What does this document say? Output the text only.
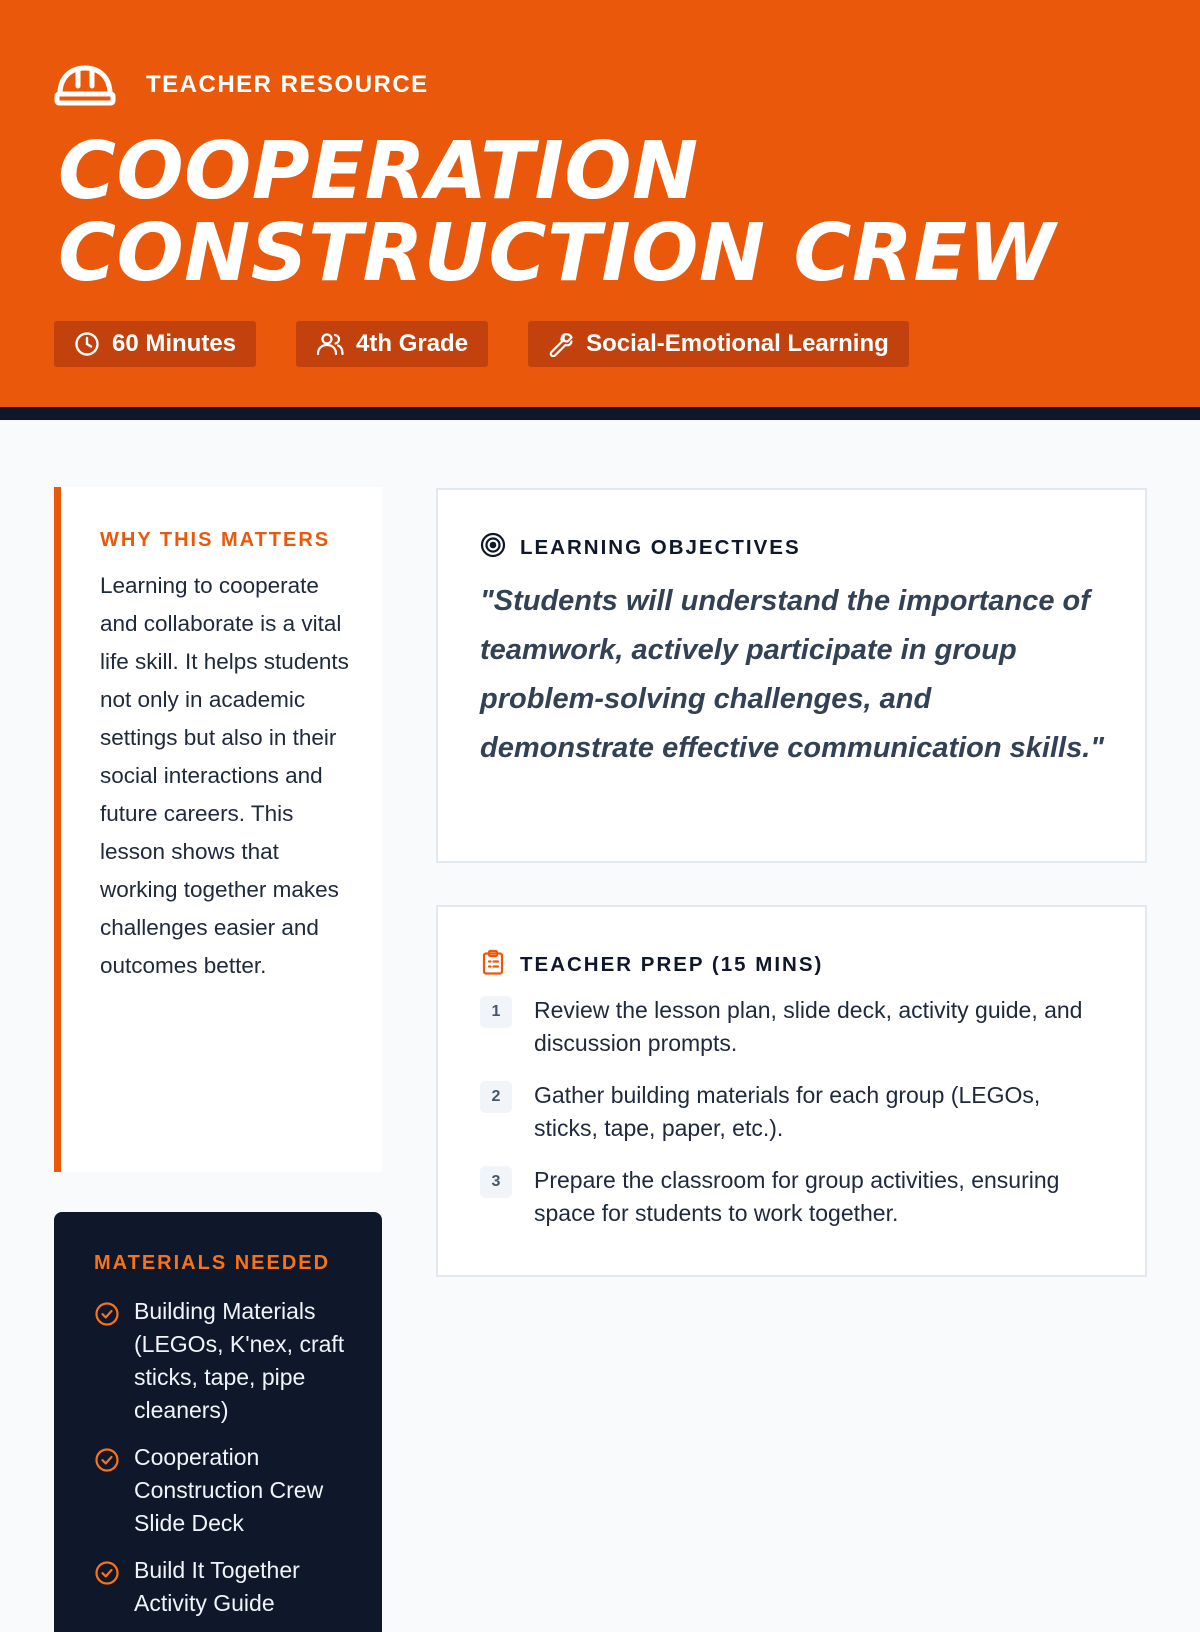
TEACHER RESOURCE
COOPERATION
CONSTRUCTION CREW
60 Minutes	4th Grade	Social-Emotional Learning
WHY THIS MATTERS

Learning to cooperate and collaborate is a vital life skill. It helps students not only in academic settings but also in their social interactions and future careers. This lesson shows that working together makes challenges easier and outcomes better.

MATERIALS NEEDED
Building Materials (LEGOs, K'nex, craft sticks, tape, pipe cleaners)
Cooperation Construction Crew Slide Deck
Build It Together Activity Guide
LEARNING OBJECTIVES

"Students will understand the importance of teamwork, actively participate in group problem-solving challenges, and demonstrate effective communication skills."

TEACHER PREP (15 MINS)
1	Review the lesson plan, slide deck, activity guide, and discussion prompts.
2	Gather building materials for each group (LEGOs, sticks, tape, paper, etc.).
3	Prepare the classroom for group activities, ensuring space for students to work together.
